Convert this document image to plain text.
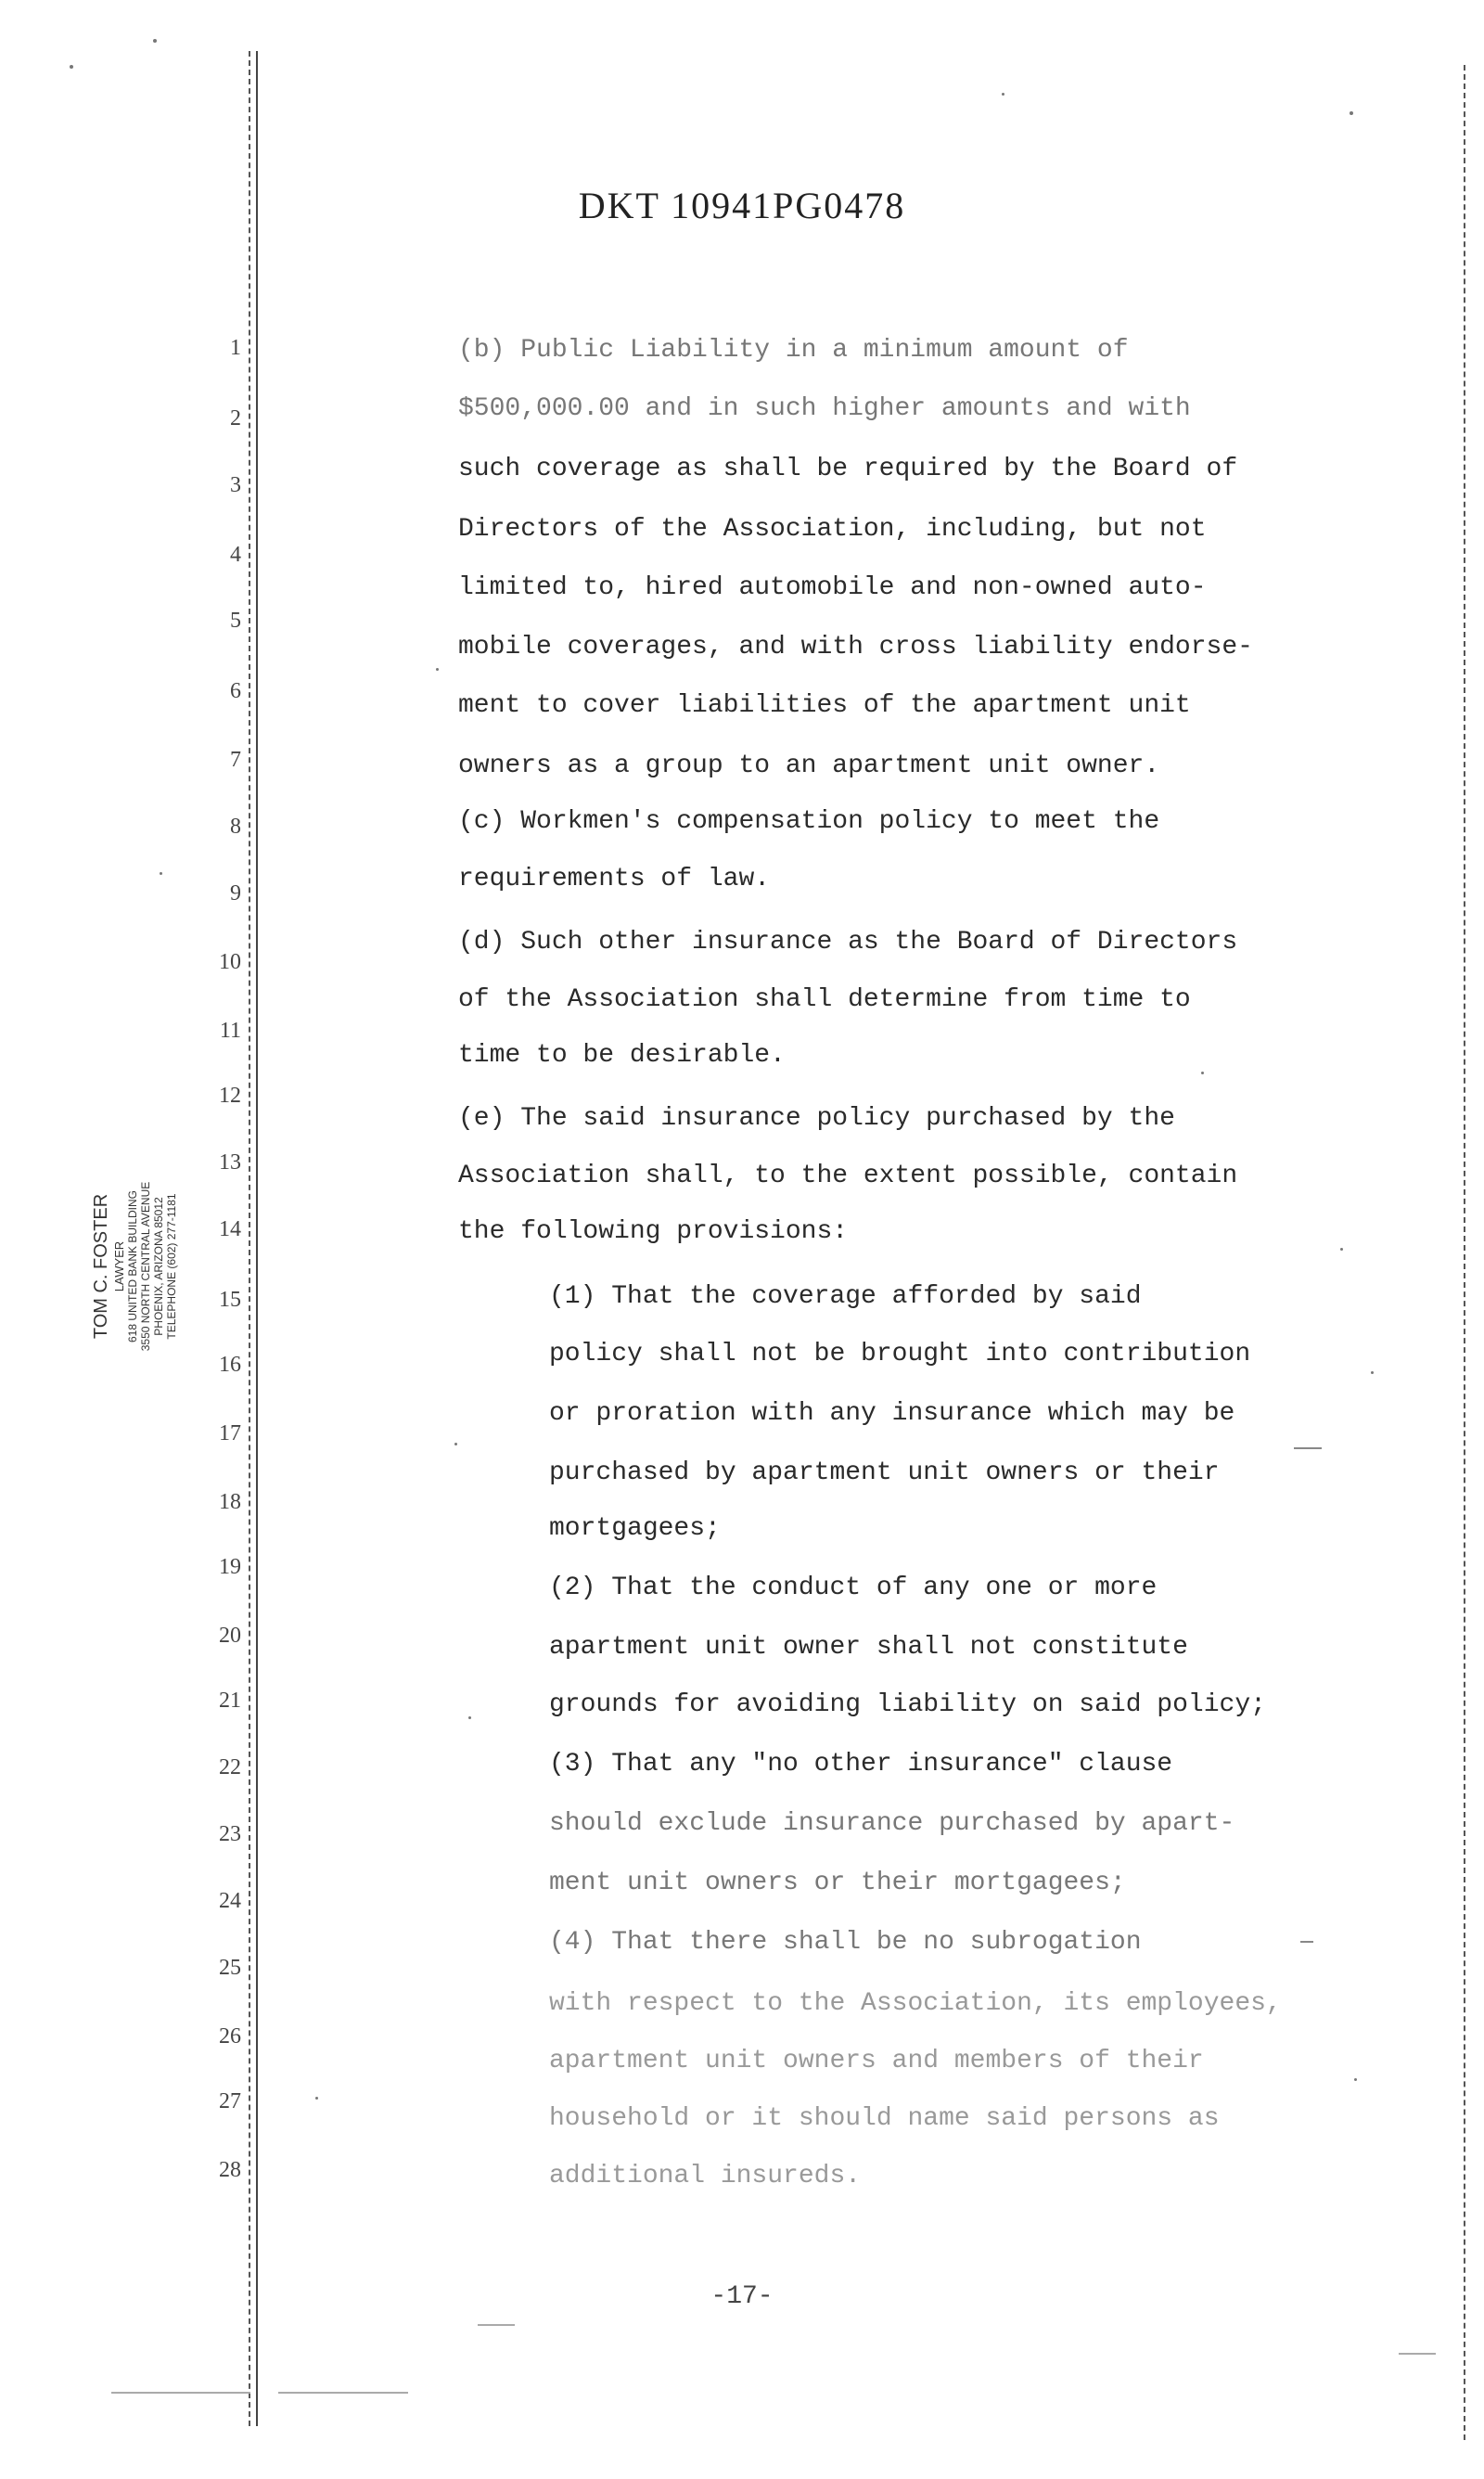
DKT 10941PG0478
1
2
3
4
5
6
7
8
9
10
11
12
13
14
15
16
17
18
19
20
21
22
23
24
25
26
27
28
TOM C. FOSTER LAWYER 618 UNITED BANK BUILDING 3550 NORTH CENTRAL AVENUE PHOENIX, ARIZONA 85012 TELEPHONE (602) 277-1181
(b) Public Liability in a minimum amount of
$500,000.00 and in such higher amounts and with
such coverage as shall be required by the Board of
Directors of the Association, including, but not
limited to, hired automobile and non-owned auto-
mobile coverages, and with cross liability endorse-
ment to cover liabilities of the apartment unit
owners as a group to an apartment unit owner.
(c) Workmen's compensation policy to meet the
requirements of law.
(d) Such other insurance as the Board of Directors
of the Association shall determine from time to
time to be desirable.
(e) The said insurance policy purchased by the
Association shall, to the extent possible, contain
the following provisions:
(1) That the coverage afforded by said
policy shall not be brought into contribution
or proration with any insurance which may be
purchased by apartment unit owners or their
mortgagees;
(2) That the conduct of any one or more
apartment unit owner shall not constitute
grounds for avoiding liability on said policy;
(3) That any "no other insurance" clause
should exclude insurance purchased by apart-
ment unit owners or their mortgagees;
(4) That there shall be no subrogation
with respect to the Association, its employees,
apartment unit owners and members of their
household or it should name said persons as
additional insureds.
-17-
